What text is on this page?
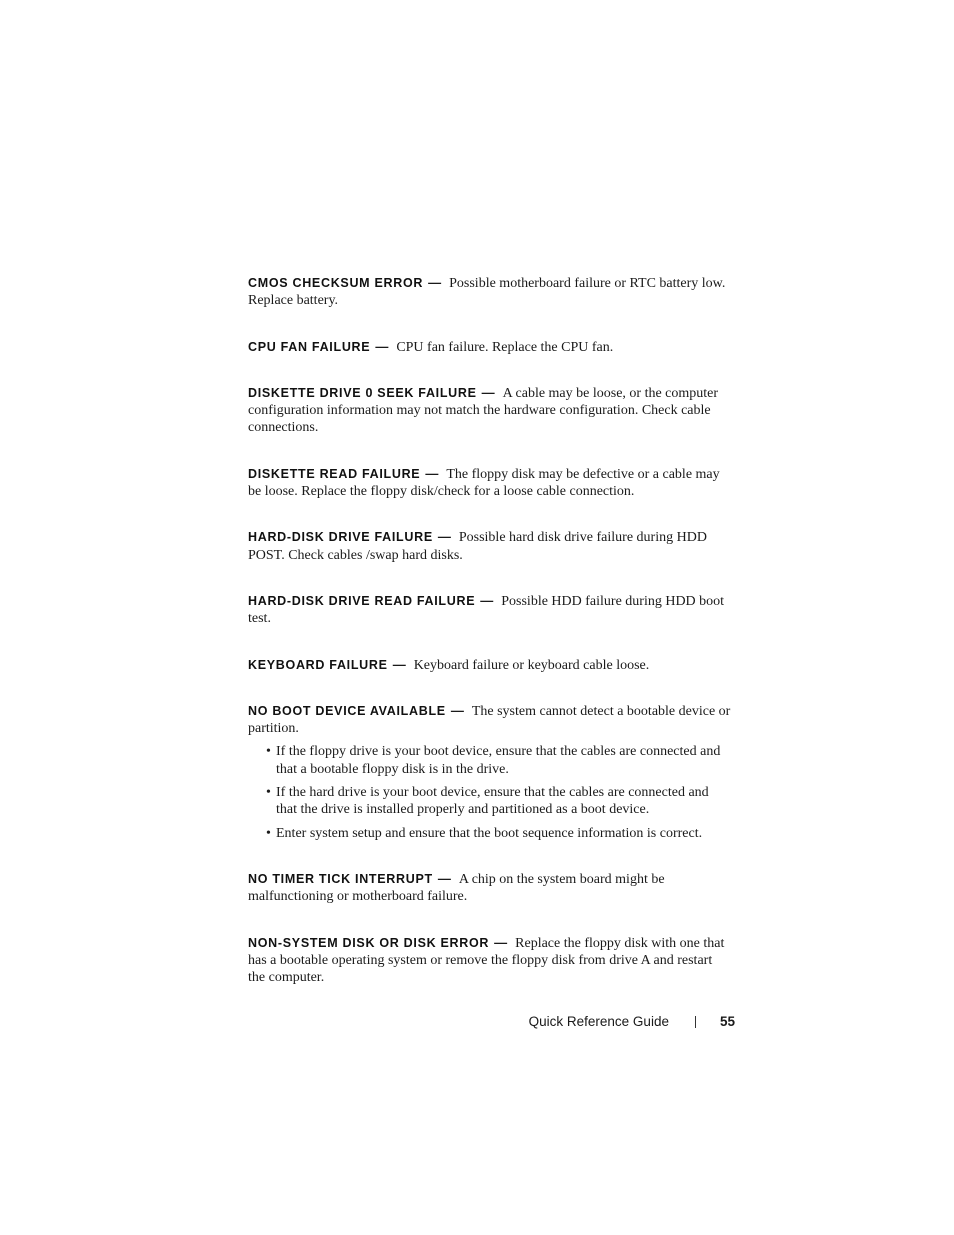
CMOS CHECKSUM ERROR — Possible motherboard failure or RTC battery low. Replace battery.

CPU FAN FAILURE — CPU fan failure. Replace the CPU fan.

DISKETTE DRIVE 0 SEEK FAILURE — A cable may be loose, or the computer configuration information may not match the hardware configuration. Check cable connections.

DISKETTE READ FAILURE — The floppy disk may be defective or a cable may be loose. Replace the floppy disk/check for a loose cable connection.

HARD-DISK DRIVE FAILURE — Possible hard disk drive failure during HDD POST. Check cables /swap hard disks.

HARD-DISK DRIVE READ FAILURE — Possible HDD failure during HDD boot test.

KEYBOARD FAILURE — Keyboard failure or keyboard cable loose.

NO BOOT DEVICE AVAILABLE — The system cannot detect a bootable device or partition.

• If the floppy drive is your boot device, ensure that the cables are connected and that a bootable floppy disk is in the drive.
• If the hard drive is your boot device, ensure that the cables are connected and that the drive is installed properly and partitioned as a boot device.
• Enter system setup and ensure that the boot sequence information is correct.

NO TIMER TICK INTERRUPT — A chip on the system board might be malfunctioning or motherboard failure.

NON-SYSTEM DISK OR DISK ERROR — Replace the floppy disk with one that has a bootable operating system or remove the floppy disk from drive A and restart the computer.

Quick Reference Guide	55
